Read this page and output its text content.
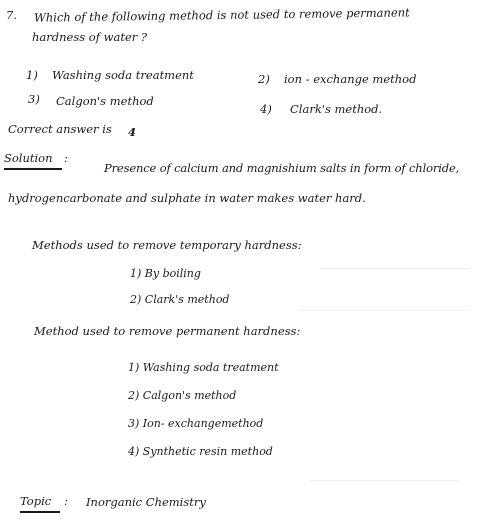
7. Which of the following method is not used to remove permanent
hardness of water ?
1) Washing soda treatment	2) ion - exchange method
3) Calgon's method
4) Clark's method.
Correct answer is 4
Solution :
Presence of calcium and magnishium salts in form of chloride,
hydrogencarbonate and sulphate in water makes water hard.
Methods used to remove temporary hardness:
1) By boiling
2) Clark's method
Method used to remove permanent hardness:
1) Washing soda treatment
2) Calgon's method
3) Ion- exchangemethod
4) Synthetic resin method
Topic : Inorganic Chemistry
